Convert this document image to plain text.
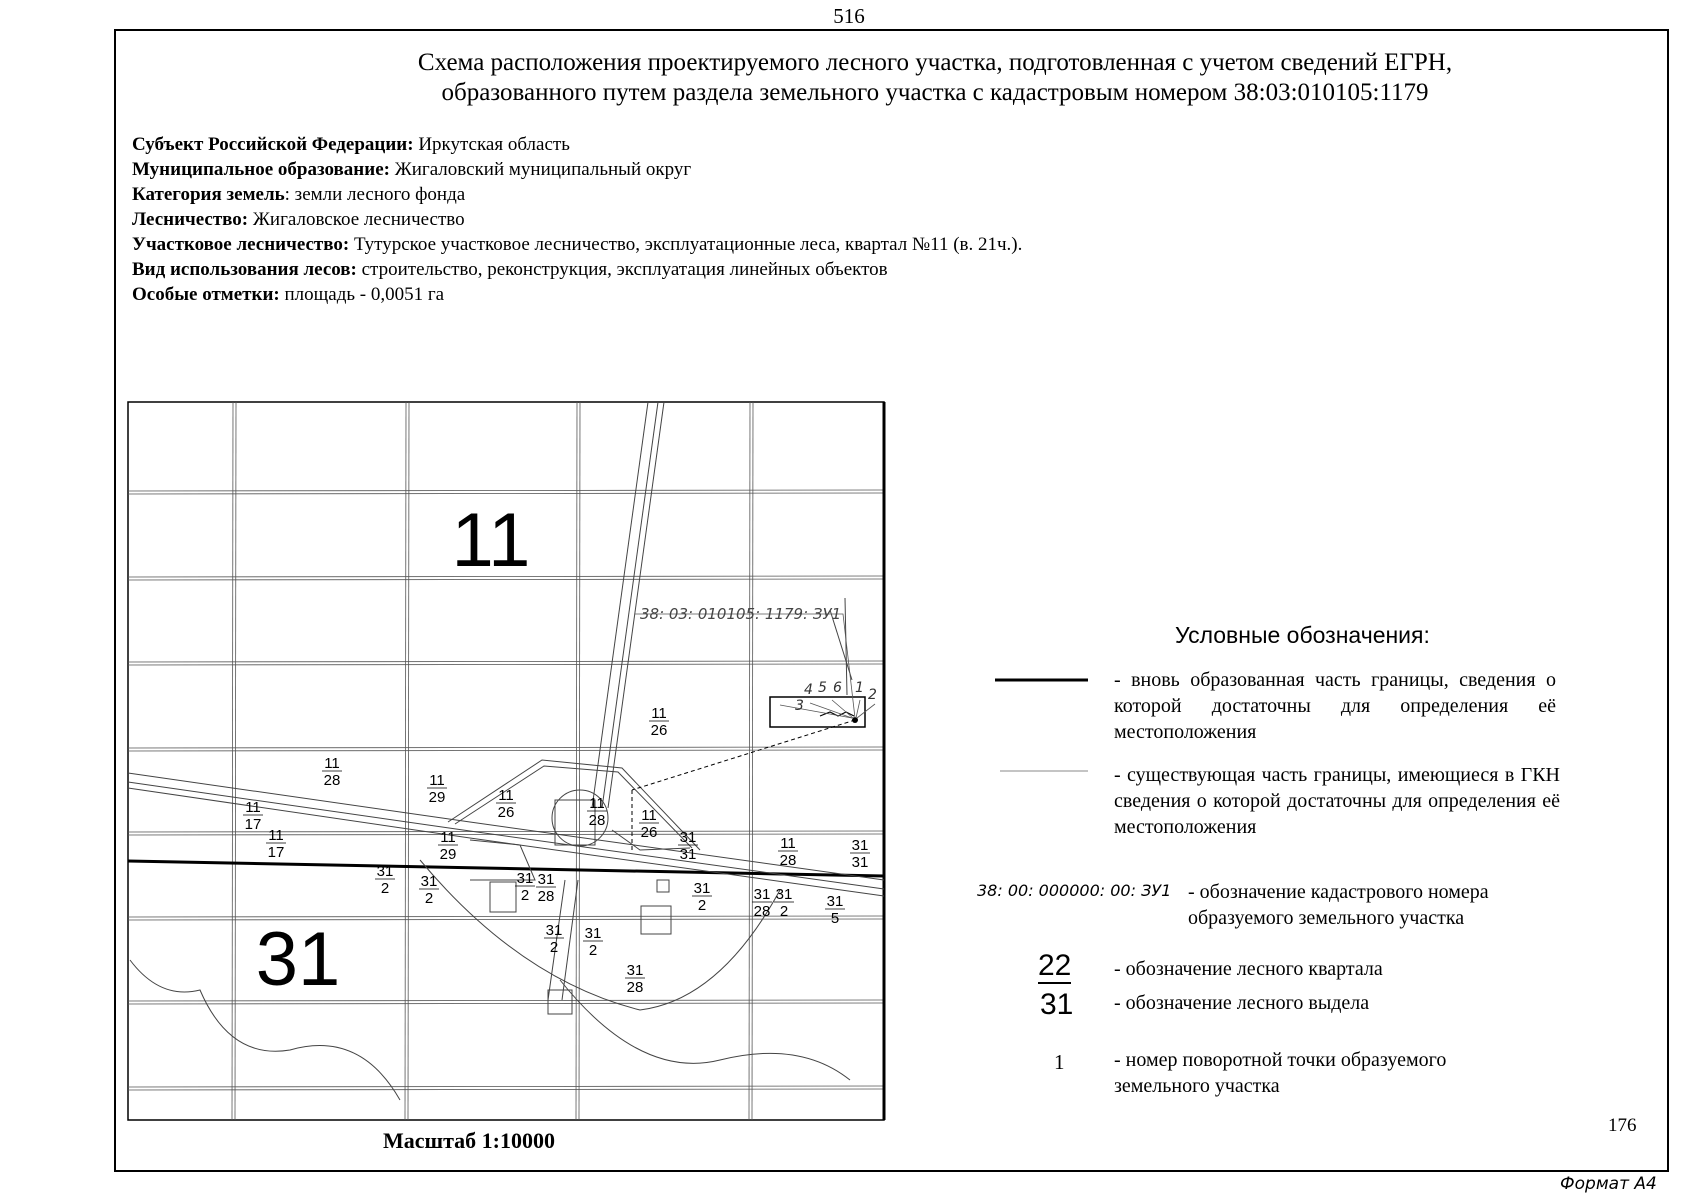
516
Схема расположения проектируемого лесного участка, подготовленная с учетом сведений ЕГРН,
образованного путем раздела земельного участка с кадастровым номером 38:03:010105:1179
Субъект Российской Федерации: Иркутская область
Муниципальное образование: Жигаловский муниципальный округ
Категория земель: земли лесного фонда
Лесничество: Жигаловское лесничество
Участковое лесничество: Тутурское участковое лесничество, эксплуатационные леса, квартал №11 (в. 21ч.).
Вид использования лесов: строительство, реконструкция, эксплуатация линейных объектов
Особые отметки: площадь - 0,0051 га
11
31
38: 03: 010105: 1179: ЗУ1
4 5 6 1 2
3
11
26
11
28	11
29	11
26
11
28 11
26
11
17
11
29
11
17
31
31
11
28
31
31
31
2 31
2
31
2
31
28	31
2
31
28
31
2
31
5
31
2
31
2
31
28
Масштаб 1:10000
Условные обозначения:
- вновь образованная часть границы, сведения о которой достаточны для определения её местоположения
- существующая часть границы, имеющиеся в ГКН сведения о которой достаточны для определения её местоположения
38: 00: 000000: 00: ЗУ1 - обозначение кадастрового номера образуемого земельного участка
22 - обозначение лесного квартала
31 - обозначение лесного выдела
1 - номер поворотной точки образуемого земельного участка
176
Формат А4
